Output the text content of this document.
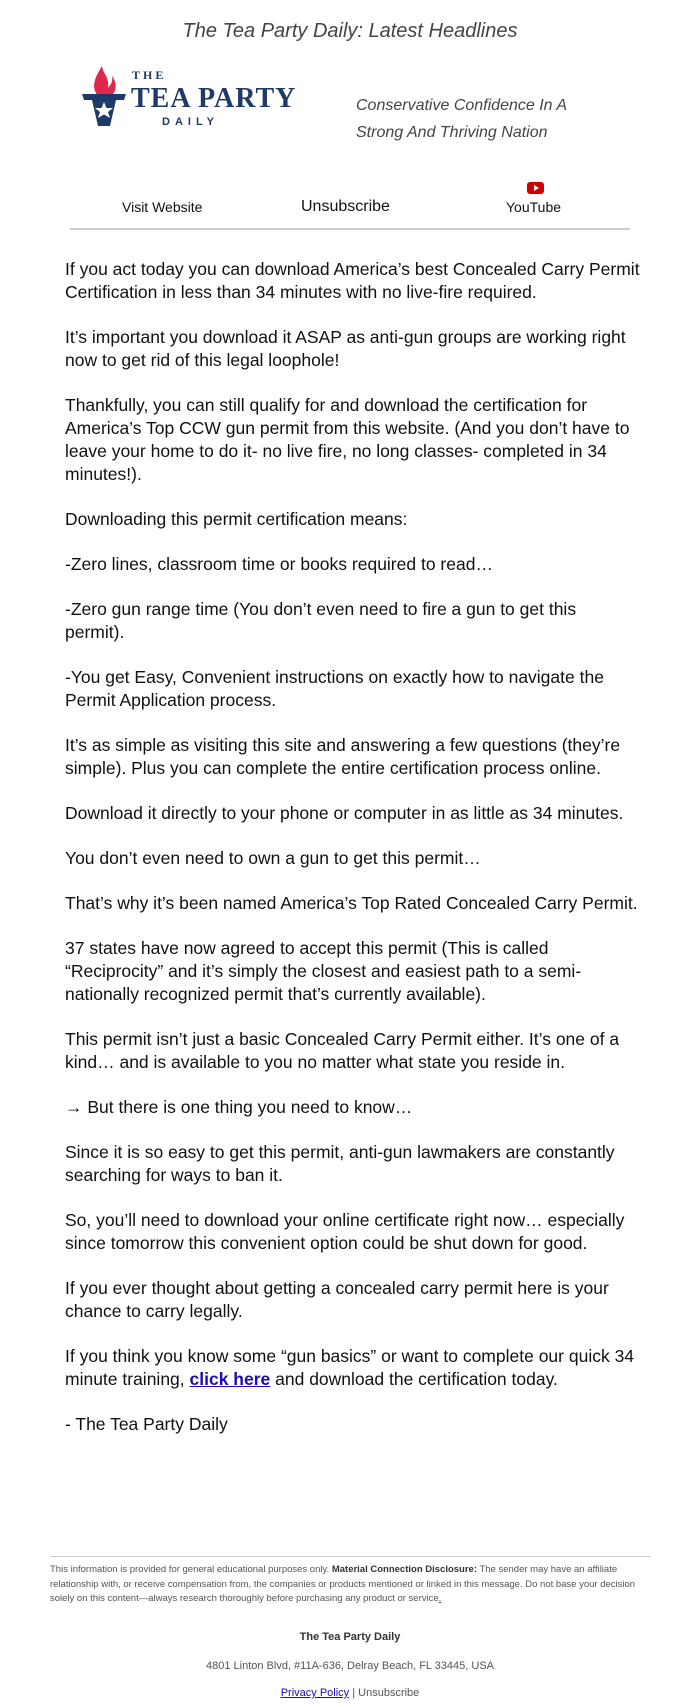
The Tea Party Daily: Latest Headlines
THE
TEA PARTY
DAILY
Conservative Confidence In A Strong And Thriving Nation
Visit Website	Unsubscribe	YouTube

If you act today you can download America’s best Concealed Carry Permit Certification in less than 34 minutes with no live-fire required.

It’s important you download it ASAP as anti-gun groups are working right now to get rid of this legal loophole!

Thankfully, you can still qualify for and download the certification for America’s Top CCW gun permit from this website. (And you don’t have to leave your home to do it- no live fire, no long classes- completed in 34 minutes!).

Downloading this permit certification means:

-Zero lines, classroom time or books required to read…

-Zero gun range time (You don’t even need to fire a gun to get this permit).

-You get Easy, Convenient instructions on exactly how to navigate the Permit Application process.

It’s as simple as visiting this site and answering a few questions (they’re simple). Plus you can complete the entire certification process online.

Download it directly to your phone or computer in as little as 34 minutes.

You don’t even need to own a gun to get this permit…

That’s why it’s been named America’s Top Rated Concealed Carry Permit.

37 states have now agreed to accept this permit (This is called “Reciprocity” and it’s simply the closest and easiest path to a semi-nationally recognized permit that’s currently available).

This permit isn’t just a basic Concealed Carry Permit either. It’s one of a kind… and is available to you no matter what state you reside in.

→ But there is one thing you need to know…

Since it is so easy to get this permit, anti-gun lawmakers are constantly searching for ways to ban it.

So, you’ll need to download your online certificate right now… especially since tomorrow this convenient option could be shut down for good.

If you ever thought about getting a concealed carry permit here is your chance to carry legally.

If you think you know some “gun basics” or want to complete our quick 34 minute training, click here and download the certification today.

- The Tea Party Daily

This information is provided for general educational purposes only. Material Connection Disclosure: The sender may have an affiliate relationship with, or receive compensation from, the companies or products mentioned or linked in this message. Do not base your decision solely on this content—always research thoroughly before purchasing any product or service.
The Tea Party Daily
4801 Linton Blvd, #11A-636, Delray Beach, FL 33445, USA
Privacy Policy | Unsubscribe
